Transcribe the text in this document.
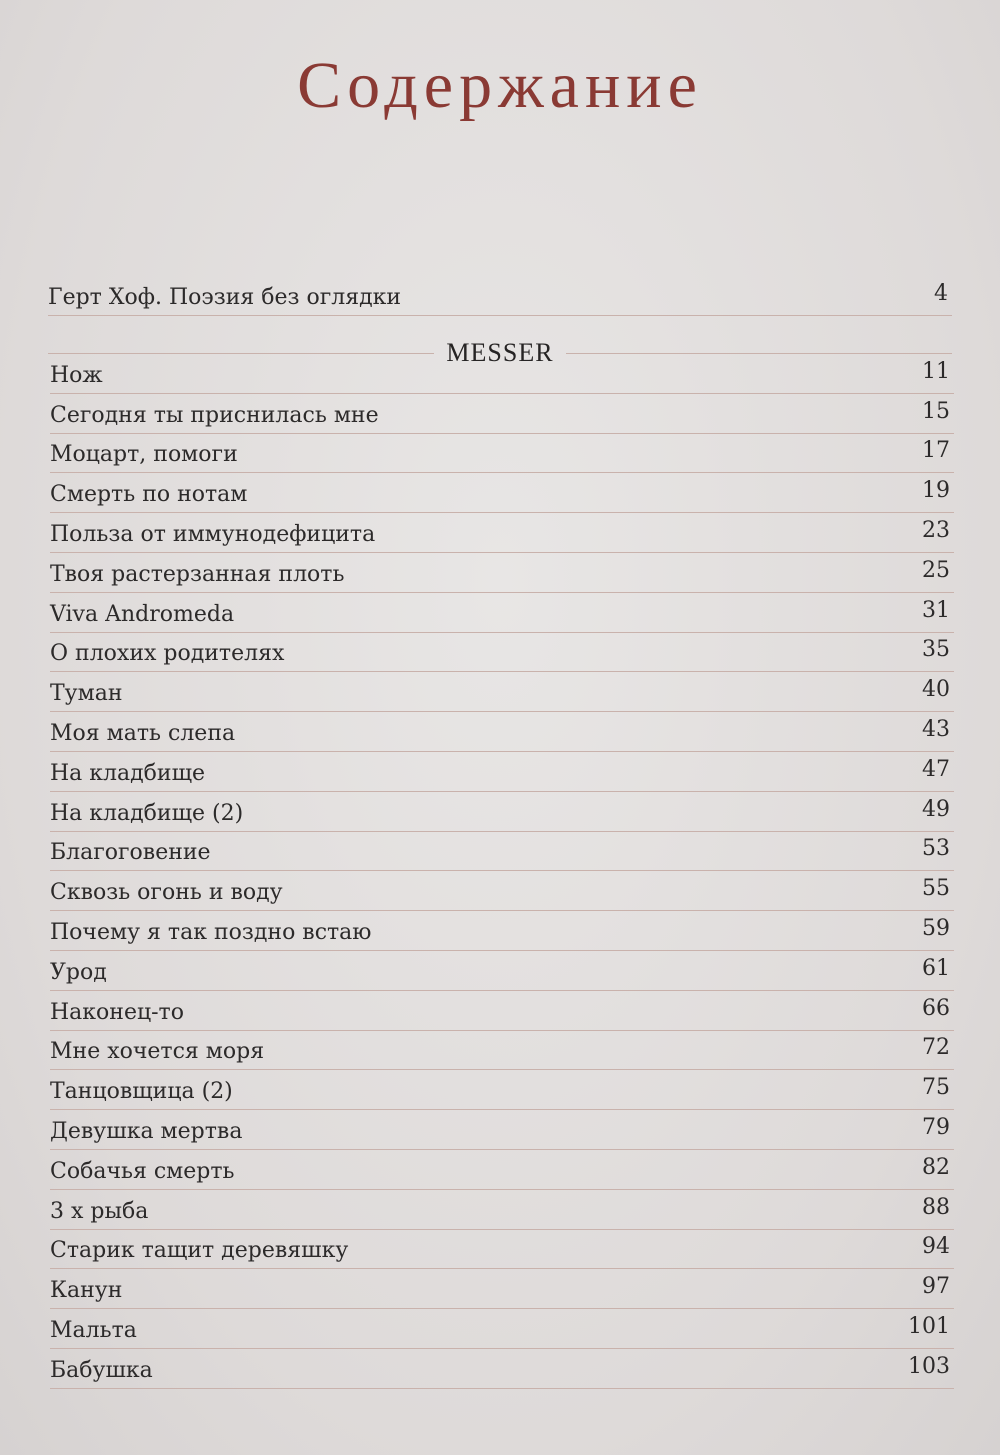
Содержание
Герт Хоф. Поэзия без оглядки	4
MESSER
Нож	11
Сегодня ты приснилась мне	15
Моцарт, помоги	17
Смерть по нотам	19
Польза от иммунодефицита	23
Твоя растерзанная плоть	25
Viva Andromeda	31
О плохих родителях	35
Туман	40
Моя мать слепа	43
На кладбище	47
На кладбище (2)	49
Благоговение	53
Сквозь огонь и воду	55
Почему я так поздно встаю	59
Урод	61
Наконец-то	66
Мне хочется моря	72
Танцовщица (2)	75
Девушка мертва	79
Собачья смерть	82
3 х рыба	88
Старик тащит деревяшку	94
Канун	97
Мальта	101
Бабушка	103
